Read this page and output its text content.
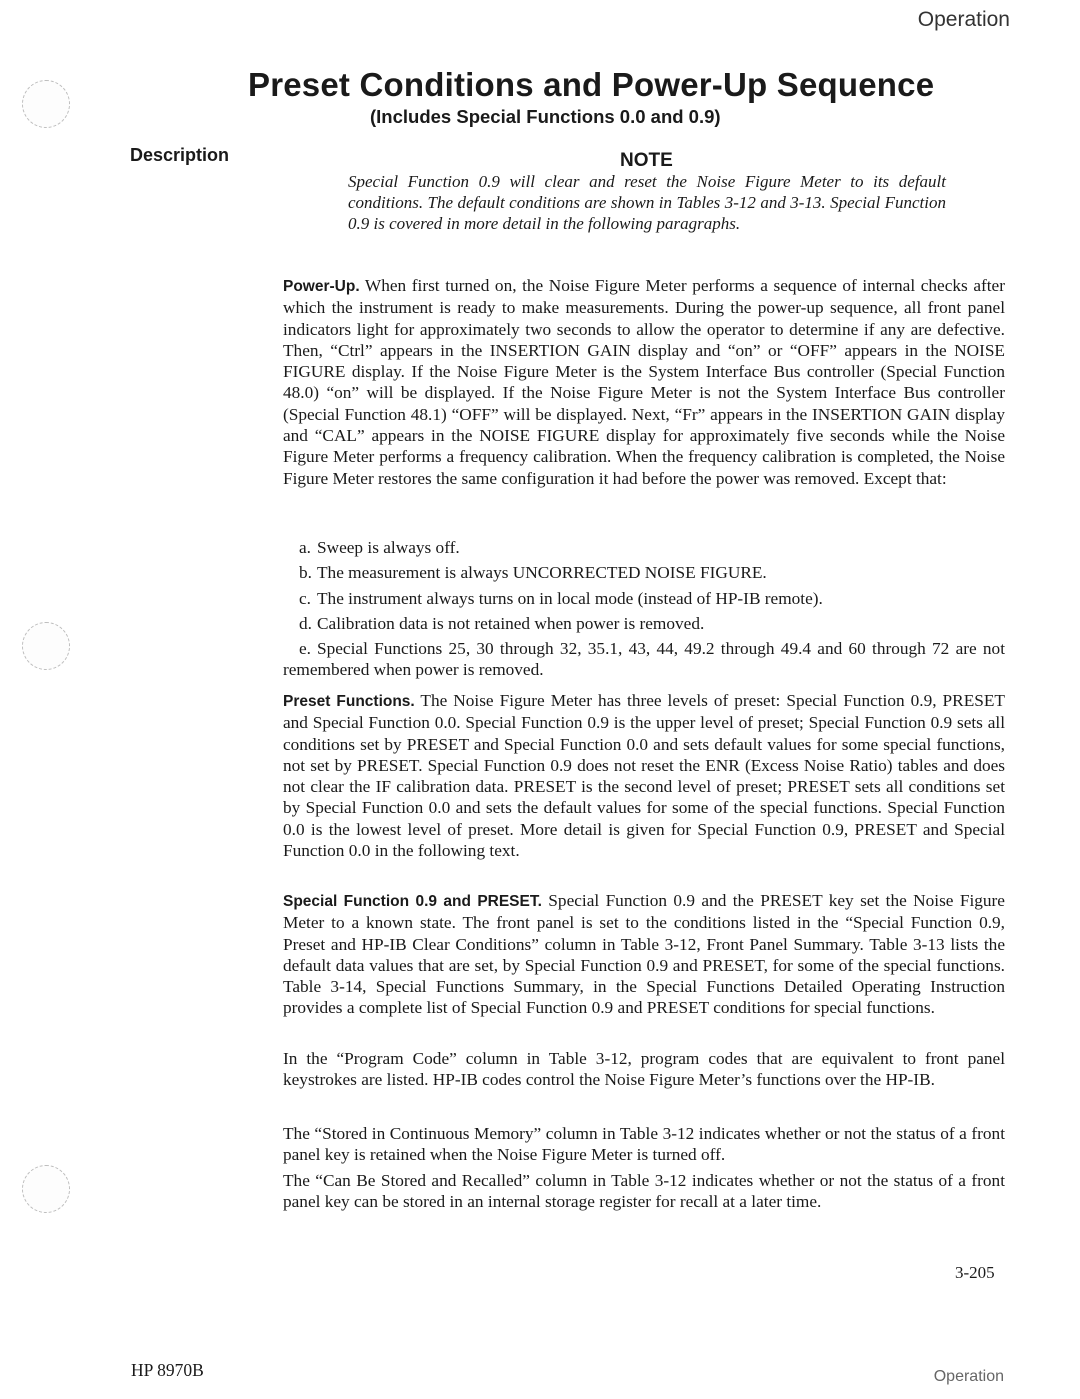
Operation
Preset Conditions and Power-Up Sequence
(Includes Special Functions 0.0 and 0.9)
Description	NOTE
Special Function 0.9 will clear and reset the Noise Figure Meter to its default conditions. The default conditions are shown in Tables 3-12 and 3-13. Special Function 0.9 is covered in more detail in the following paragraphs.
Power-Up. When first turned on, the Noise Figure Meter performs a sequence of internal checks after which the instrument is ready to make measurements. During the power-up sequence, all front panel indicators light for approximately two seconds to allow the operator to determine if any are defective. Then, “Ctrl” appears in the INSERTION GAIN display and “on” or “OFF” appears in the NOISE FIGURE display. If the Noise Figure Meter is the System Interface Bus controller (Special Function 48.0) “on” will be displayed. If the Noise Figure Meter is not the System Interface Bus controller (Special Function 48.1) “OFF” will be displayed. Next, “Fr” appears in the INSERTION GAIN display and “CAL” appears in the NOISE FIGURE display for approximately five seconds while the Noise Figure Meter performs a frequency calibration. When the frequency calibration is completed, the Noise Figure Meter restores the same configuration it had before the power was removed. Except that:
a. Sweep is always off.
b. The measurement is always UNCORRECTED NOISE FIGURE.
c. The instrument always turns on in local mode (instead of HP-IB remote).
d. Calibration data is not retained when power is removed.
e. Special Functions 25, 30 through 32, 35.1, 43, 44, 49.2 through 49.4 and 60 through 72 are not remembered when power is removed.
Preset Functions. The Noise Figure Meter has three levels of preset: Special Function 0.9, PRESET and Special Function 0.0. Special Function 0.9 is the upper level of preset; Special Function 0.9 sets all conditions set by PRESET and Special Function 0.0 and sets default values for some special functions, not set by PRESET. Special Function 0.9 does not reset the ENR (Excess Noise Ratio) tables and does not clear the IF calibration data. PRESET is the second level of preset; PRESET sets all conditions set by Special Function 0.0 and sets the default values for some of the special functions. Special Function 0.0 is the lowest level of preset. More detail is given for Special Function 0.9, PRESET and Special Function 0.0 in the following text.
Special Function 0.9 and PRESET. Special Function 0.9 and the PRESET key set the Noise Figure Meter to a known state. The front panel is set to the conditions listed in the “Special Function 0.9, Preset and HP-IB Clear Conditions” column in Table 3-12, Front Panel Summary. Table 3-13 lists the default data values that are set, by Special Function 0.9 and PRESET, for some of the special functions. Table 3-14, Special Functions Summary, in the Special Functions Detailed Operating Instruction provides a complete list of Special Function 0.9 and PRESET conditions for special functions.
In the “Program Code” column in Table 3-12, program codes that are equivalent to front panel keystrokes are listed. HP-IB codes control the Noise Figure Meter’s functions over the HP-IB.
The “Stored in Continuous Memory” column in Table 3-12 indicates whether or not the status of a front panel key is retained when the Noise Figure Meter is turned off.
The “Can Be Stored and Recalled” column in Table 3-12 indicates whether or not the status of a front panel key can be stored in an internal storage register for recall at a later time.
3-205
HP 8970B	Operation
